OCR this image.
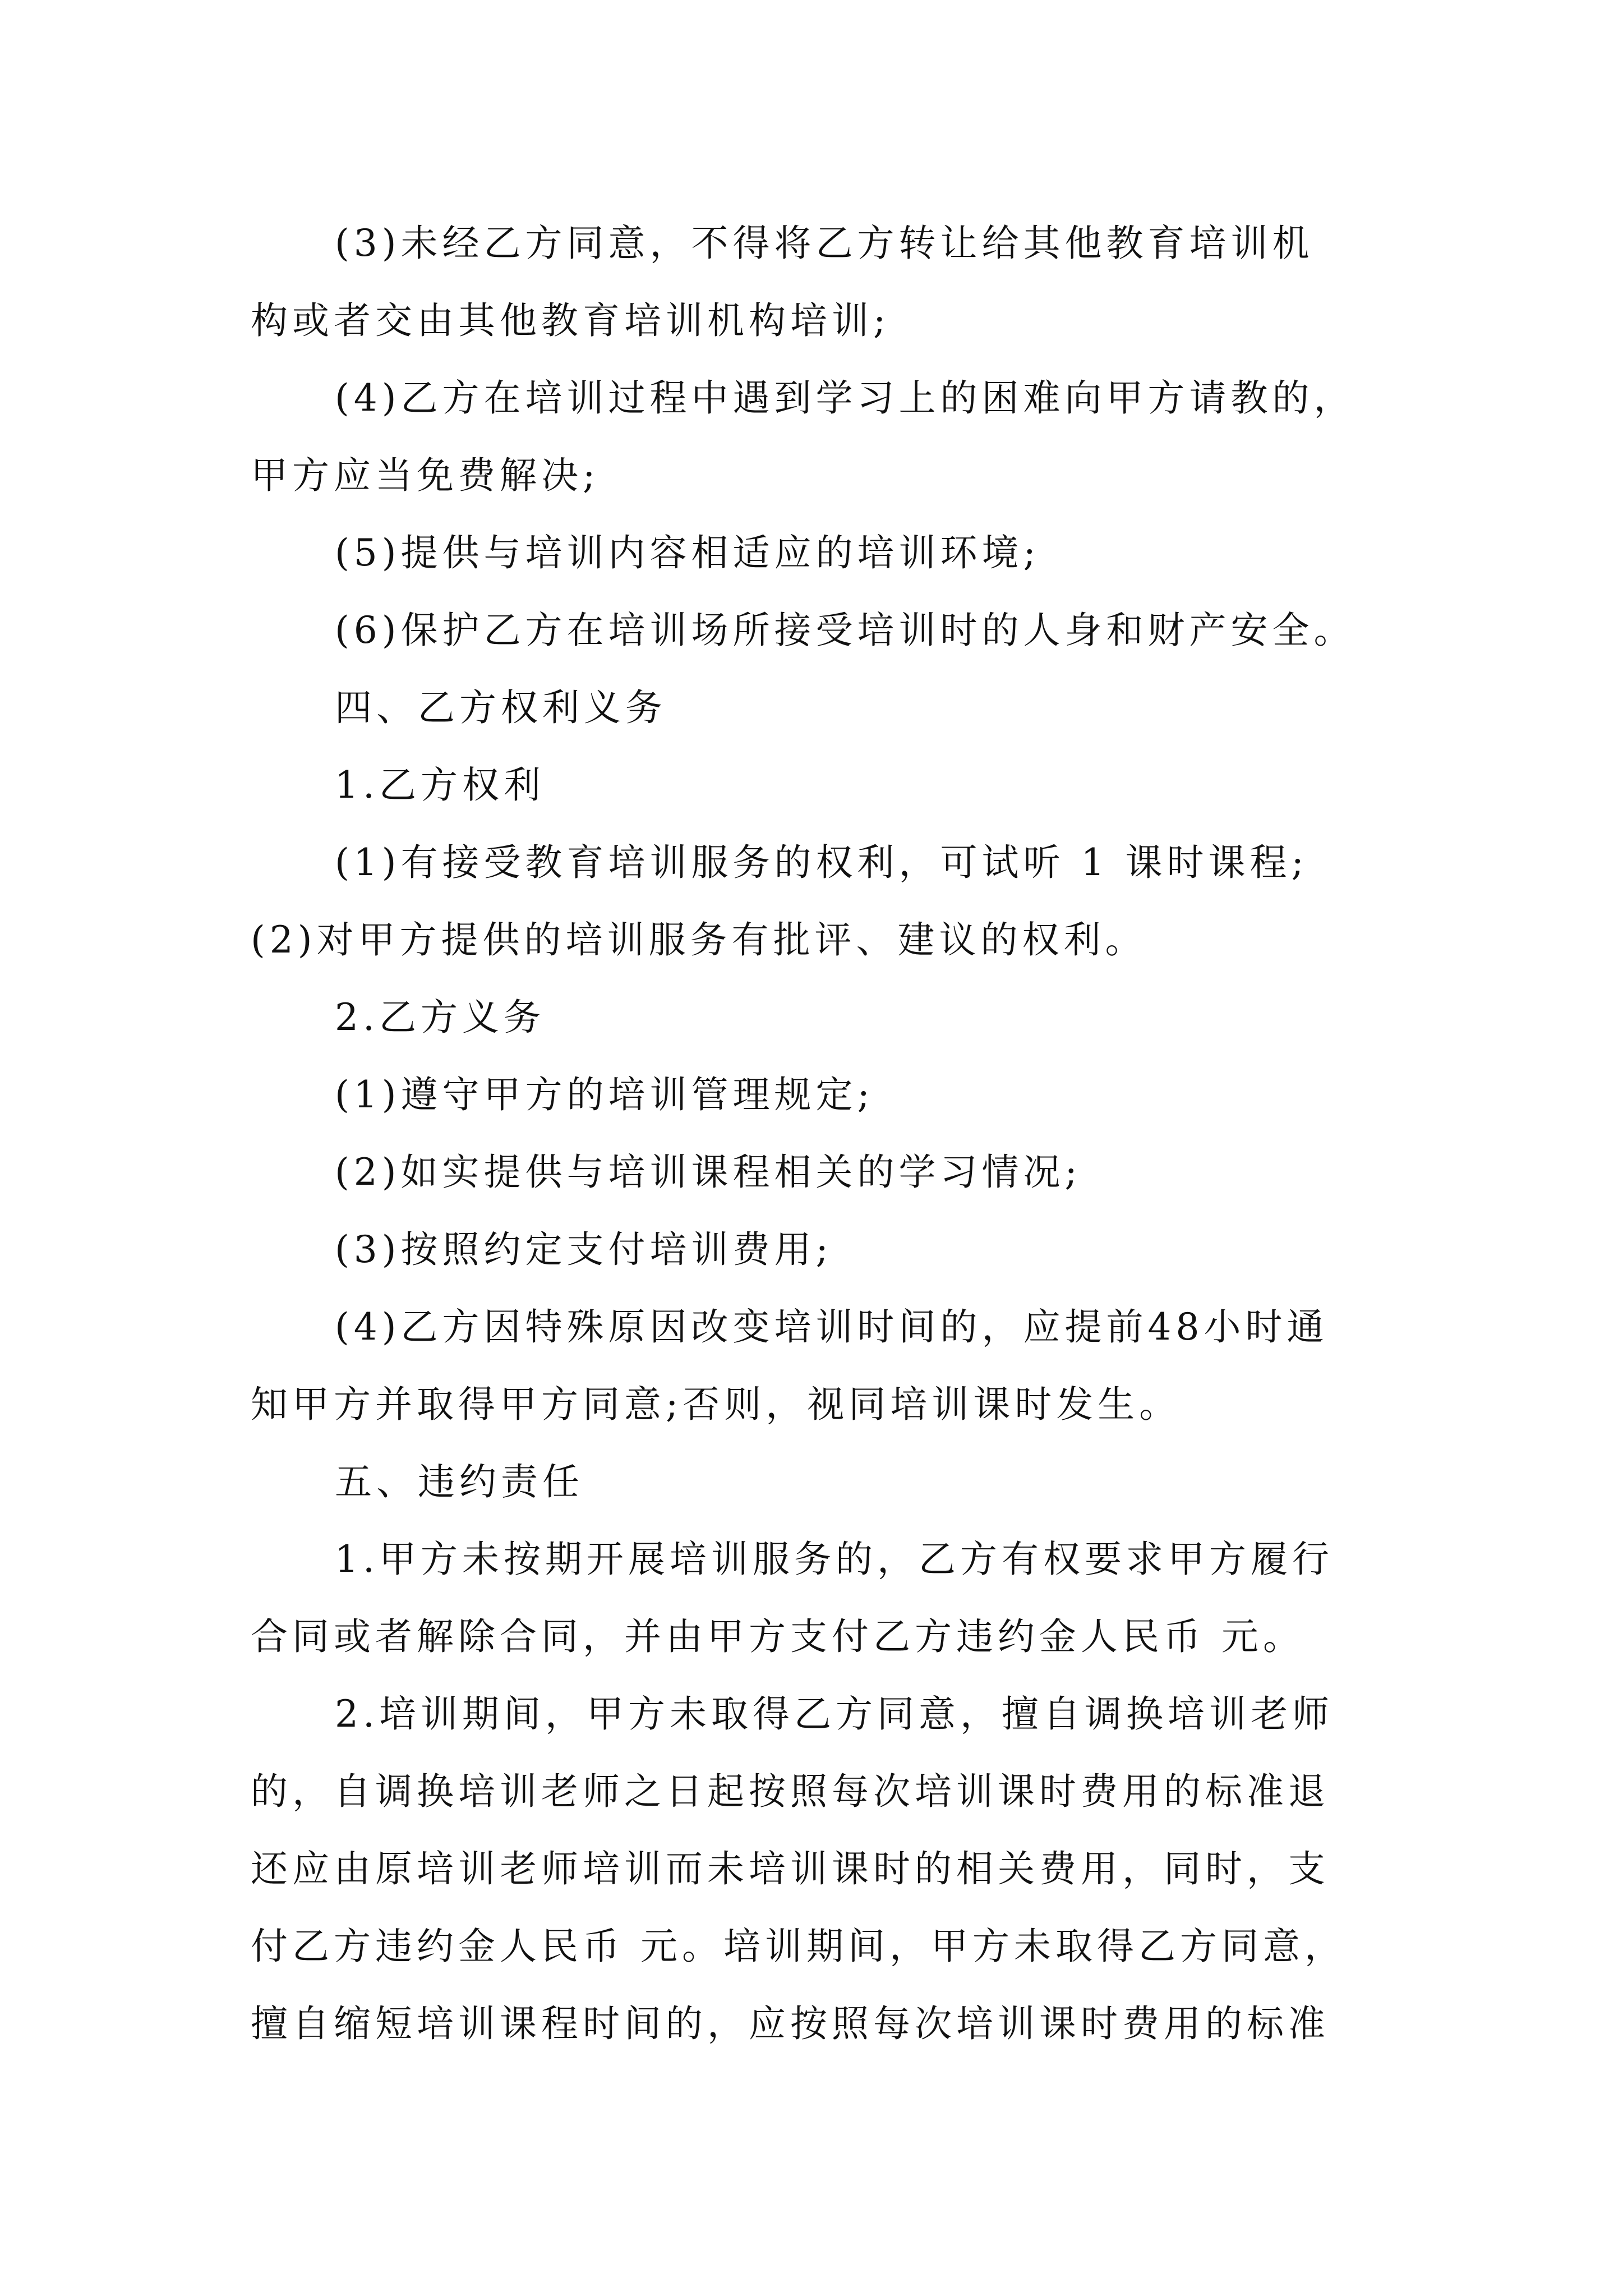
(3)未经乙方同意，不得将乙方转让给其他教育培训机

构或者交由其他教育培训机构培训;

(4)乙方在培训过程中遇到学习上的困难向甲方请教的，

甲方应当免费解决;

(5)提供与培训内容相适应的培训环境;

(6)保护乙方在培训场所接受培训时的人身和财产安全。

四、乙方权利义务

1.乙方权利

(1)有接受教育培训服务的权利，可试听 1 课时课程;

(2)对甲方提供的培训服务有批评、建议的权利。

2.乙方义务

(1)遵守甲方的培训管理规定;

(2)如实提供与培训课程相关的学习情况;

(3)按照约定支付培训费用;

(4)乙方因特殊原因改变培训时间的，应提前48小时通

知甲方并取得甲方同意;否则，视同培训课时发生。

五、违约责任

1.甲方未按期开展培训服务的，乙方有权要求甲方履行

合同或者解除合同，并由甲方支付乙方违约金人民币 元。

2.培训期间，甲方未取得乙方同意，擅自调换培训老师

的，自调换培训老师之日起按照每次培训课时费用的标准退

还应由原培训老师培训而未培训课时的相关费用，同时，支

付乙方违约金人民币 元。培训期间，甲方未取得乙方同意，

擅自缩短培训课程时间的，应按照每次培训课时费用的标准
